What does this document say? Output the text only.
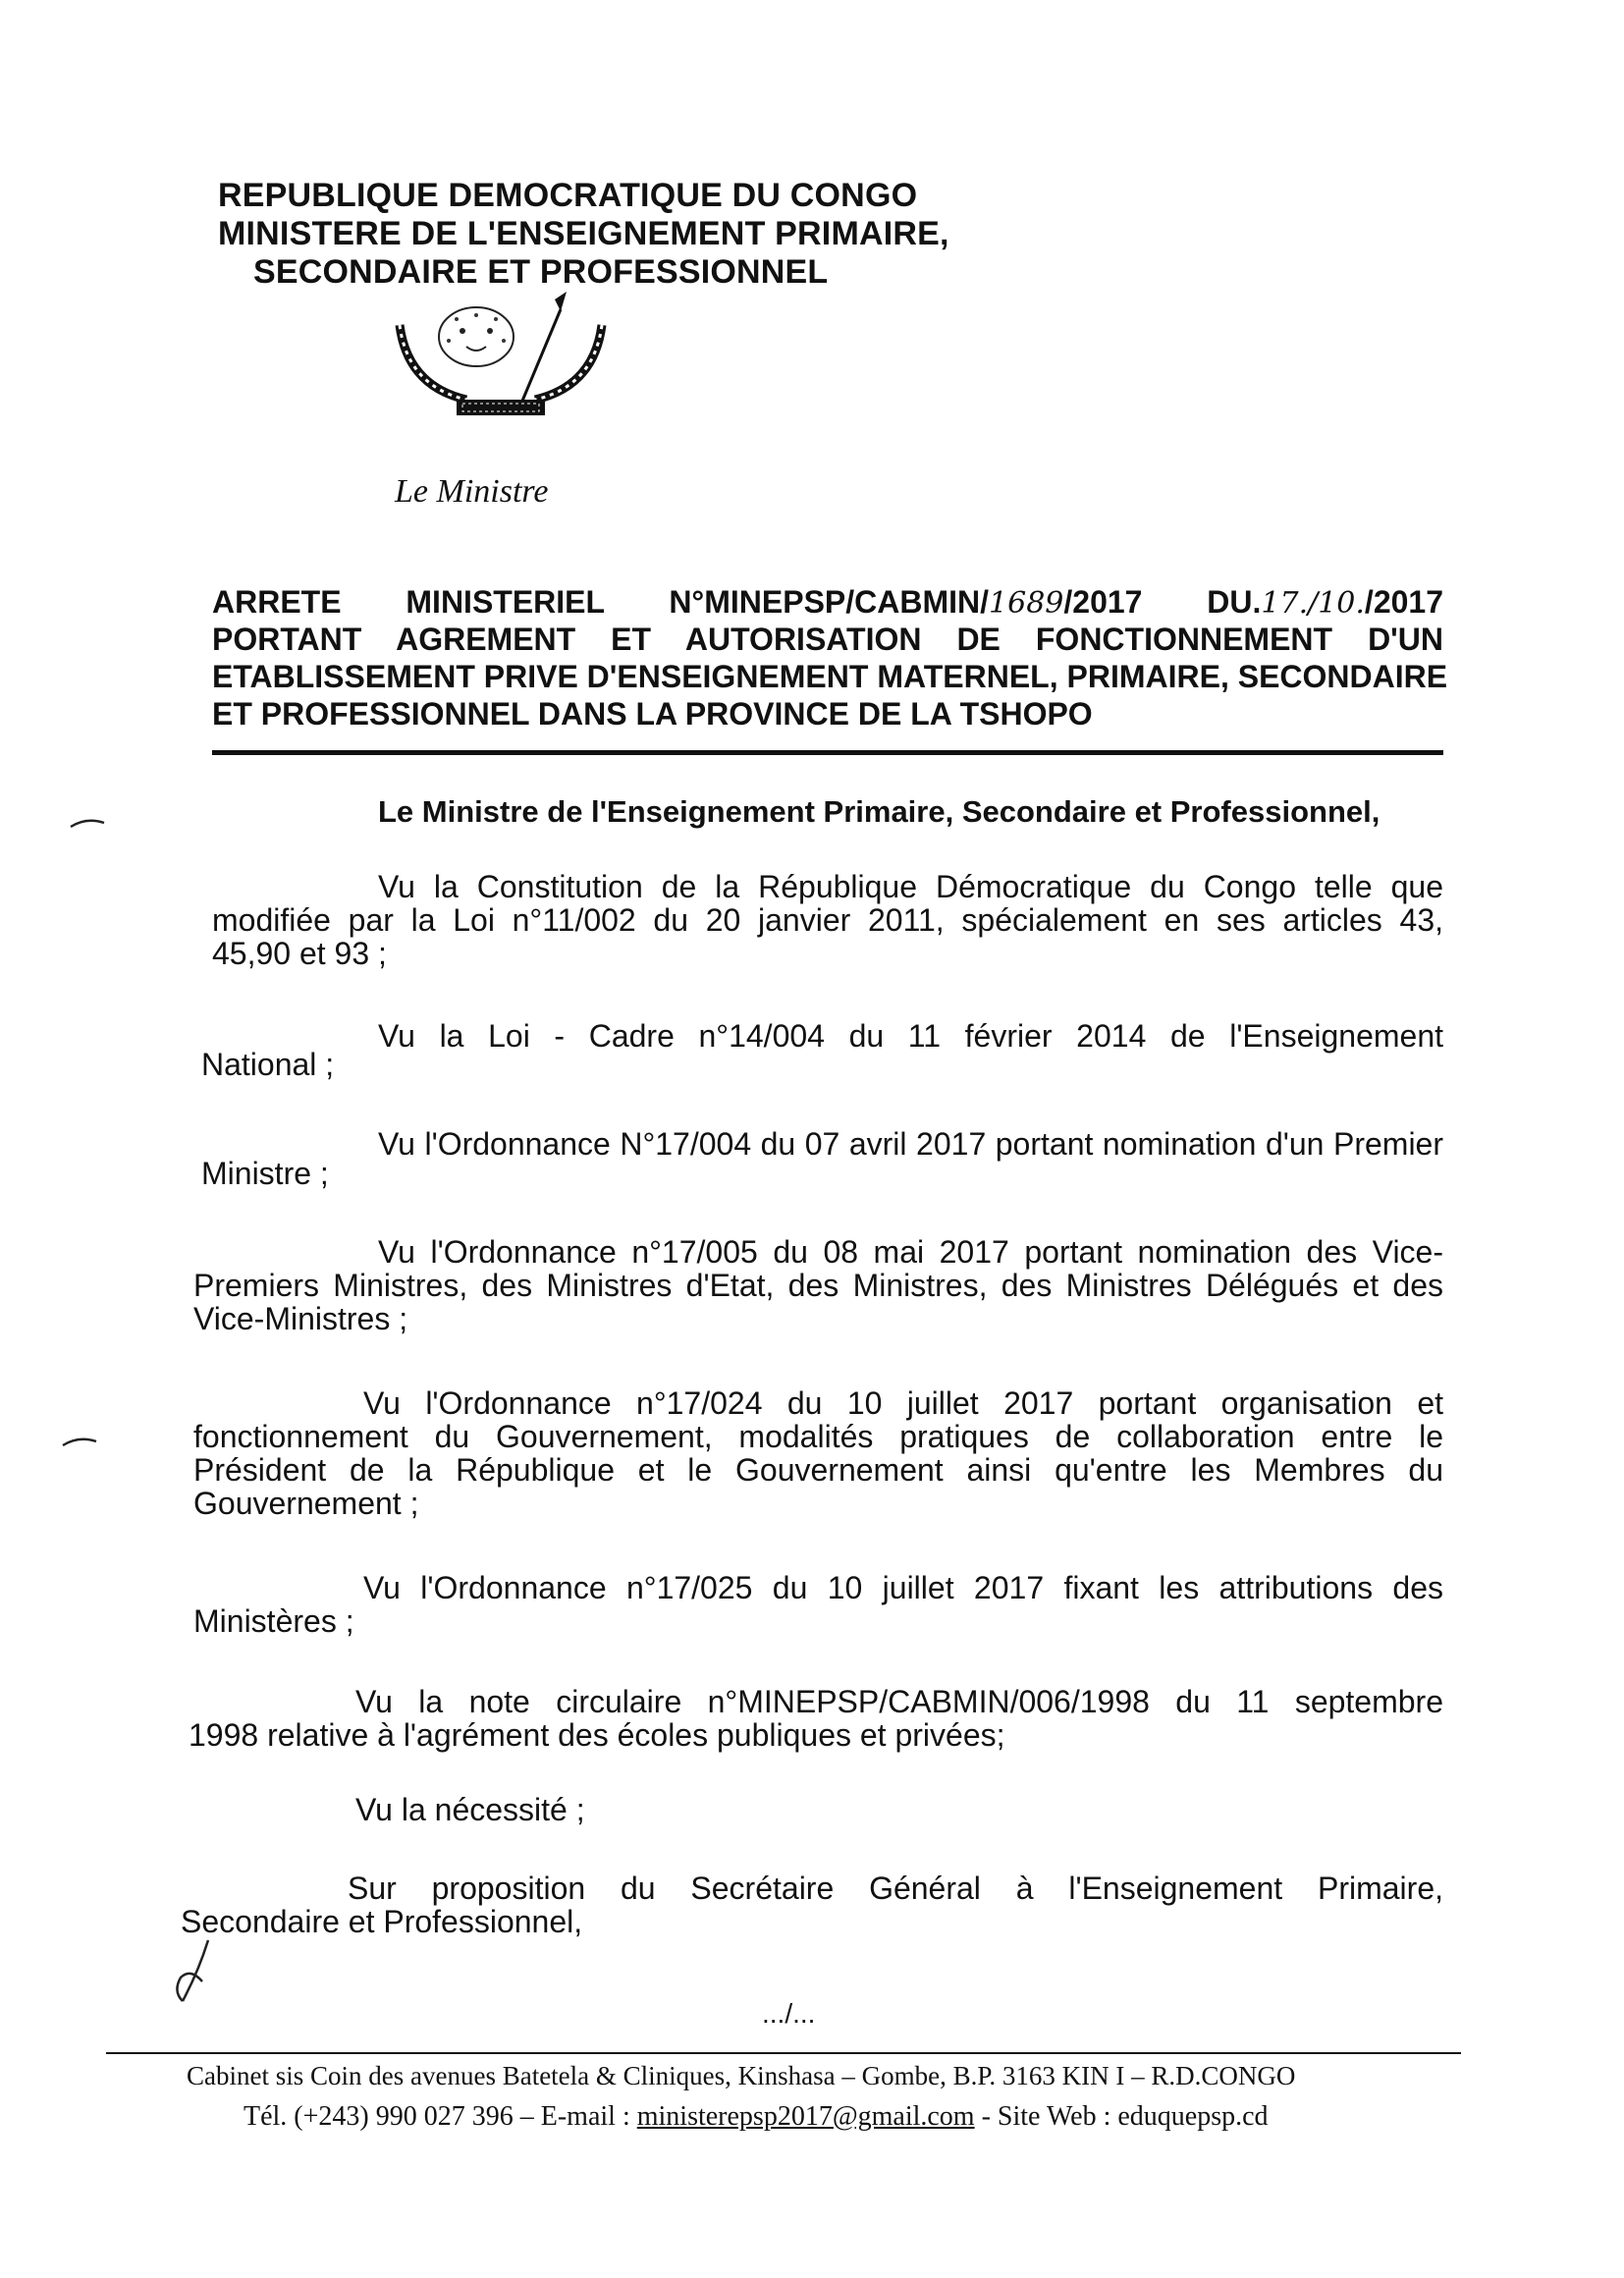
REPUBLIQUE DEMOCRATIQUE DU CONGO
MINISTERE DE L'ENSEIGNEMENT PRIMAIRE,
SECONDAIRE ET PROFESSIONNEL
Le Ministre
ARRETE MINISTERIEL N°MINEPSP/CABMIN/1689/2017 DU.17./10./2017
PORTANT AGREMENT ET AUTORISATION DE FONCTIONNEMENT D'UN
ETABLISSEMENT PRIVE D'ENSEIGNEMENT MATERNEL, PRIMAIRE, SECONDAIRE
ET PROFESSIONNEL DANS LA PROVINCE DE LA TSHOPO
Le Ministre de l'Enseignement Primaire, Secondaire et Professionnel,
Vu la Constitution de la République Démocratique du Congo telle que
modifiée par la Loi n°11/002 du 20 janvier 2011, spécialement en ses articles 43,
45,90 et 93 ;
Vu la Loi - Cadre n°14/004 du 11 février 2014 de l'Enseignement
National ;
Vu l'Ordonnance N°17/004 du 07 avril 2017 portant nomination d'un Premier
Ministre ;
Vu l'Ordonnance n°17/005 du 08 mai 2017 portant nomination des Vice-
Premiers Ministres, des Ministres d'Etat, des Ministres, des Ministres Délégués et des
Vice-Ministres ;
Vu l'Ordonnance n°17/024 du 10 juillet 2017 portant organisation et
fonctionnement du Gouvernement, modalités pratiques de collaboration entre le
Président de la République et le Gouvernement ainsi qu'entre les Membres du
Gouvernement ;
Vu l'Ordonnance n°17/025 du 10 juillet 2017 fixant les attributions des
Ministères ;
Vu la note circulaire n°MINEPSP/CABMIN/006/1998 du 11 septembre
1998 relative à l'agrément des écoles publiques et privées;
Vu la nécessité ;
Sur proposition du Secrétaire Général à l'Enseignement Primaire,
Secondaire et Professionnel,
.../...
Cabinet sis Coin des avenues Batetela & Cliniques, Kinshasa – Gombe, B.P. 3163 KIN I – R.D.CONGO
Tél. (+243) 990 027 396 – E-mail : ministerepsp2017@gmail.com - Site Web : eduquepsp.cd
